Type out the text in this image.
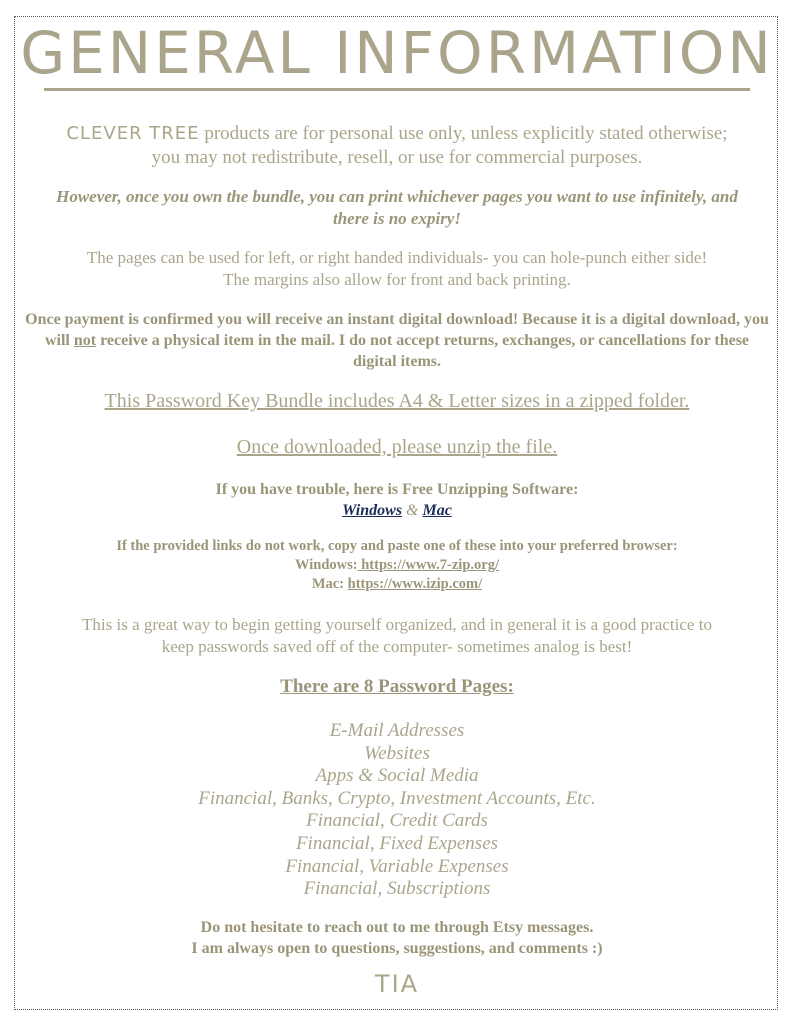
GENERAL INFORMATION
CLEVER TREE products are for personal use only, unless explicitly stated otherwise;
you may not redistribute, resell, or use for commercial purposes.
However, once you own the bundle, you can print whichever pages you want to use infinitely, and there is no expiry!
The pages can be used for left, or right handed individuals- you can hole-punch either side!
The margins also allow for front and back printing.
Once payment is confirmed you will receive an instant digital download! Because it is a digital download, you will not receive a physical item in the mail. I do not accept returns, exchanges, or cancellations for these digital items.
This Password Key Bundle includes A4 & Letter sizes in a zipped folder.
Once downloaded, please unzip the file.
If you have trouble, here is Free Unzipping Software:
Windows & Mac
If the provided links do not work, copy and paste one of these into your preferred browser:
Windows: https://www.7-zip.org/
Mac: https://www.izip.com/
This is a great way to begin getting yourself organized, and in general it is a good practice to
keep passwords saved off of the computer- sometimes analog is best!
There are 8 Password Pages:
E-Mail Addresses
Websites
Apps & Social Media
Financial, Banks, Crypto, Investment Accounts, Etc.
Financial, Credit Cards
Financial, Fixed Expenses
Financial, Variable Expenses
Financial, Subscriptions
Do not hesitate to reach out to me through Etsy messages.
I am always open to questions, suggestions, and comments :)
TIA
